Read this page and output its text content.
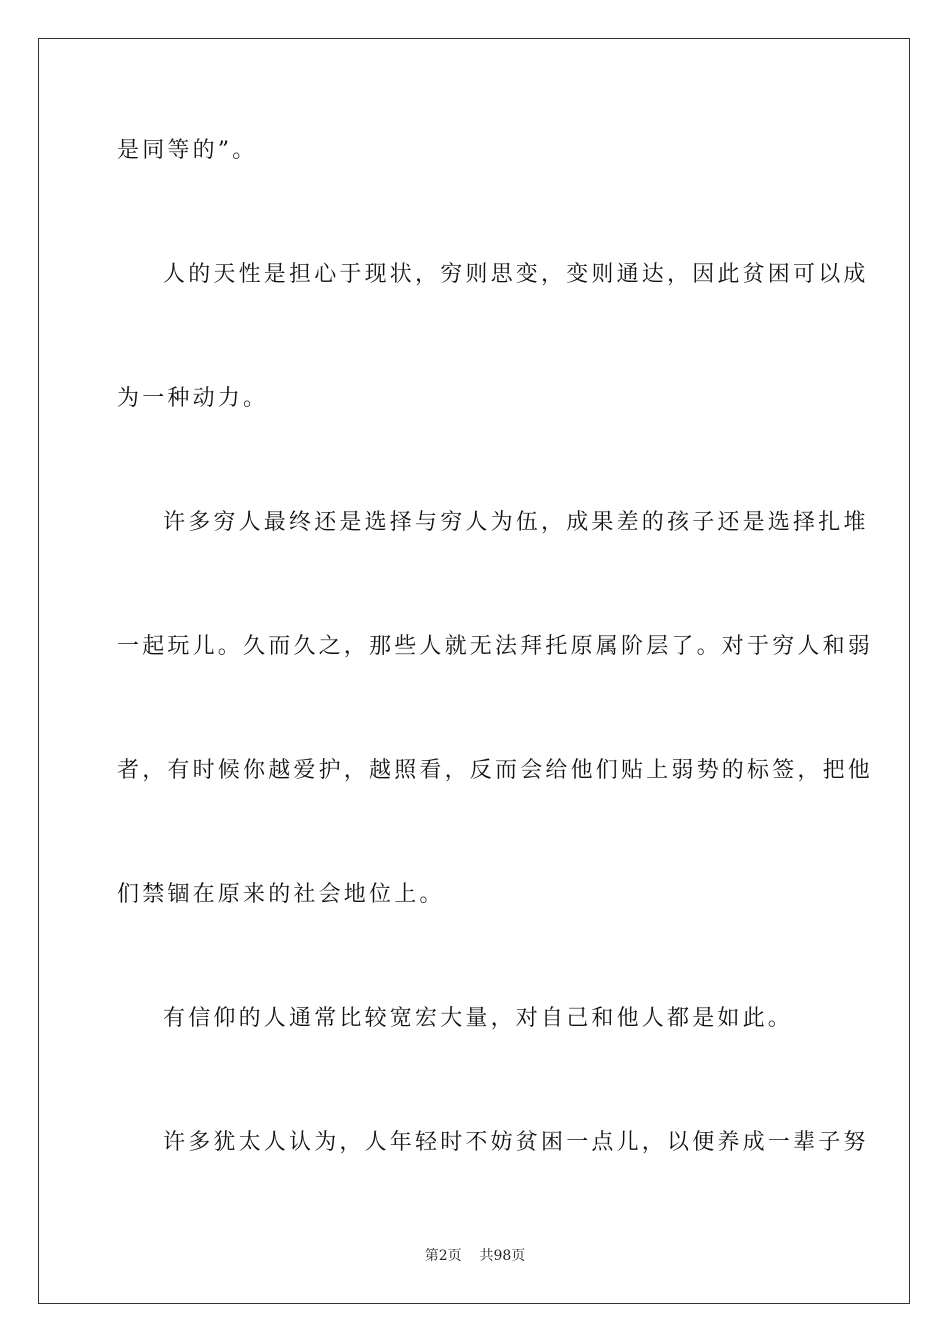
是同等的”。
人的天性是担心于现状，穷则思变，变则通达，因此贫困可以成
为一种动力。
许多穷人最终还是选择与穷人为伍，成果差的孩子还是选择扎堆
一起玩儿。久而久之，那些人就无法拜托原属阶层了。对于穷人和弱
者，有时候你越爱护，越照看，反而会给他们贴上弱势的标签，把他
们禁锢在原来的社会地位上。
有信仰的人通常比较宽宏大量，对自己和他人都是如此。
许多犹太人认为，人年轻时不妨贫困一点儿，以便养成一辈子努
第2页    共98页
